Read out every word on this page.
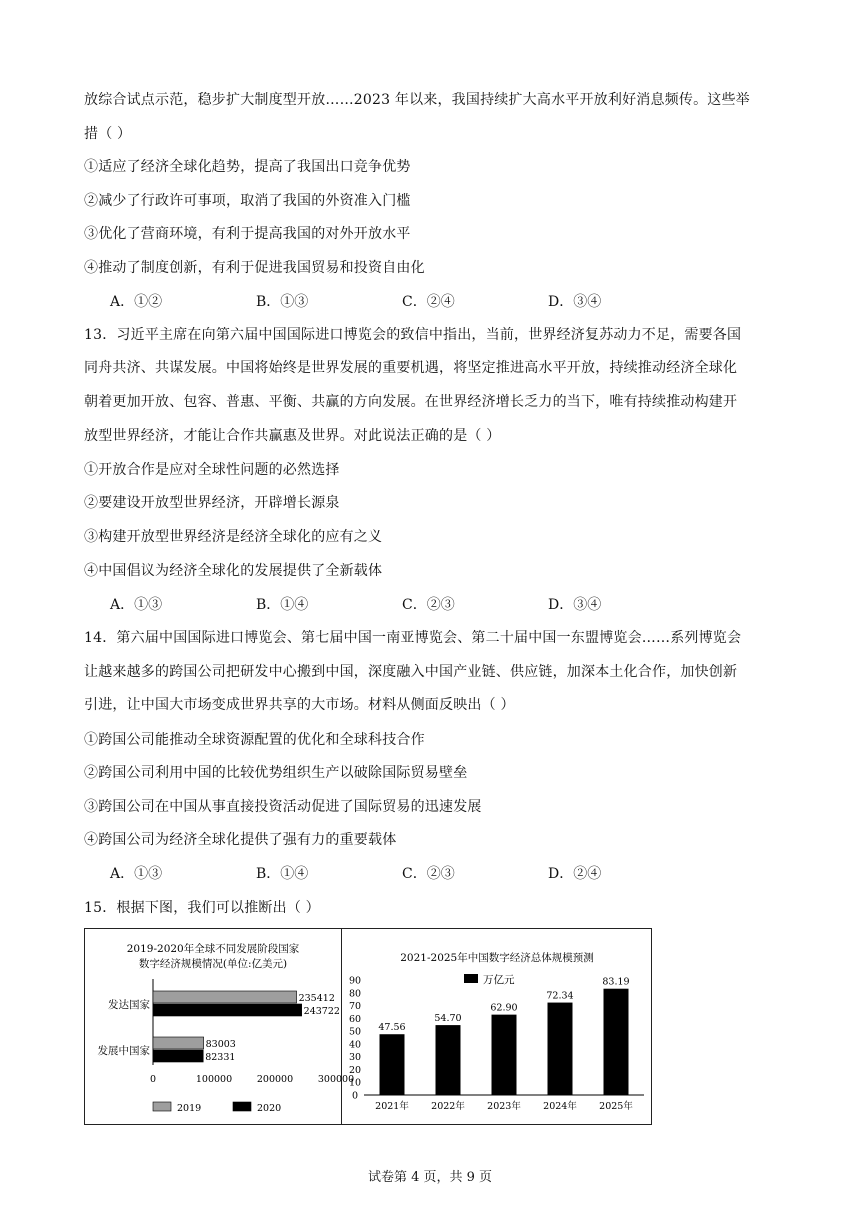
放综合试点示范，稳步扩大制度型开放……2023 年以来，我国持续扩大高水平开放利好消息频传。这些举
措（ ）
①适应了经济全球化趋势，提高了我国出口竞争优势
②减少了行政许可事项，取消了我国的外资准入门槛
③优化了营商环境，有利于提高我国的对外开放水平
④推动了制度创新，有利于促进我国贸易和投资自由化
A．①②	B．①③	C．②④	D．③④
13．习近平主席在向第六届中国国际进口博览会的致信中指出，当前，世界经济复苏动力不足，需要各国
同舟共济、共谋发展。中国将始终是世界发展的重要机遇，将坚定推进高水平开放，持续推动经济全球化
朝着更加开放、包容、普惠、平衡、共赢的方向发展。在世界经济增长乏力的当下，唯有持续推动构建开
放型世界经济，才能让合作共赢惠及世界。对此说法正确的是（ ）
①开放合作是应对全球性问题的必然选择
②要建设开放型世界经济，开辟增长源泉
③构建开放型世界经济是经济全球化的应有之义
④中国倡议为经济全球化的发展提供了全新载体
A．①③	B．①④	C．②③	D．③④
14．第六届中国国际进口博览会、第七届中国一南亚博览会、第二十届中国一东盟博览会……系列博览会
让越来越多的跨国公司把研发中心搬到中国，深度融入中国产业链、供应链，加深本土化合作，加快创新
引进，让中国大市场变成世界共享的大市场。材料从侧面反映出（ ）
①跨国公司能推动全球资源配置的优化和全球科技合作
②跨国公司利用中国的比较优势组织生产以破除国际贸易壁垒
③跨国公司在中国从事直接投资活动促进了国际贸易的迅速发展
④跨国公司为经济全球化提供了强有力的重要载体
A．①③	B．①④	C．②③	D．②④
15．根据下图，我们可以推断出（ ）
2019-2020年全球不同发展阶段国家
数字经济规模情况(单位:亿美元)
发达国家
235412
243722
发展中国家
83003
82331
0	100000	200000	300000
2019	2020
2021-2025年中国数字经济总体规模预测
万亿元
0
10
20
30
40
50
60
70
80
90
47.56
2021年
54.70
2022年
62.90
2023年
72.34
2024年
83.19
2025年
试卷第 4 页，共 9 页
